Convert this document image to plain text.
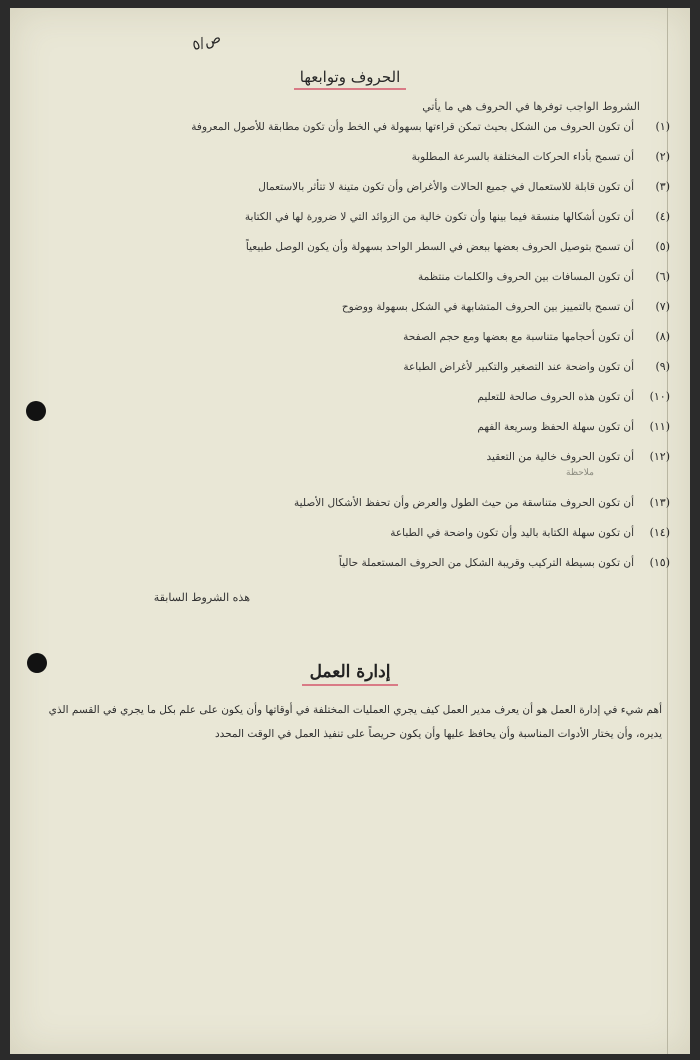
ص/٥
الحروف وتوابعها
الشروط الواجب توفرها في الحروف هي ما يأتي
(١)
أن تكون الحروف من الشكل بحيث تمكن قراءتها بسهولة في الخط وأن تكون مطابقة للأصول المعروفة
(٢)
أن تسمح بأداء الحركات المختلفة بالسرعة المطلوبة
(٣)
أن تكون قابلة للاستعمال في جميع الحالات والأغراض وأن تكون متينة لا تتأثر بالاستعمال
(٤)
أن تكون أشكالها منسقة فيما بينها وأن تكون خالية من الزوائد التي لا ضرورة لها في الكتابة
(٥)
أن تسمح بتوصيل الحروف بعضها ببعض في السطر الواحد بسهولة وأن يكون الوصل طبيعياً
(٦)
أن تكون المسافات بين الحروف والكلمات منتظمة
(٧)
أن تسمح بالتمييز بين الحروف المتشابهة في الشكل بسهولة ووضوح
(٨)
أن تكون أحجامها متناسبة مع بعضها ومع حجم الصفحة
(٩)
أن تكون واضحة عند التصغير والتكبير لأغراض الطباعة
(١٠)
أن تكون هذه الحروف صالحة للتعليم
(١١)
أن تكون سهلة الحفظ وسريعة الفهم
(١٢)
أن تكون الحروف خالية من التعقيد
ملاحظة
(١٣)
أن تكون الحروف متناسقة من حيث الطول والعرض وأن تحفظ الأشكال الأصلية
(١٤)
أن تكون سهلة الكتابة باليد وأن تكون واضحة في الطباعة
(١٥)
أن تكون بسيطة التركيب وقريبة الشكل من الحروف المستعملة حالياً
هذه الشروط السابقة
إدارة العمل
أهم شيء في إدارة العمل هو أن يعرف مدير العمل كيف يجري العمليات المختلفة في أوقاتها وأن يكون على علم بكل ما يجري في القسم الذي يديره، وأن يختار الأدوات المناسبة وأن يحافظ عليها وأن يكون حريصاً على تنفيذ العمل في الوقت المحدد
